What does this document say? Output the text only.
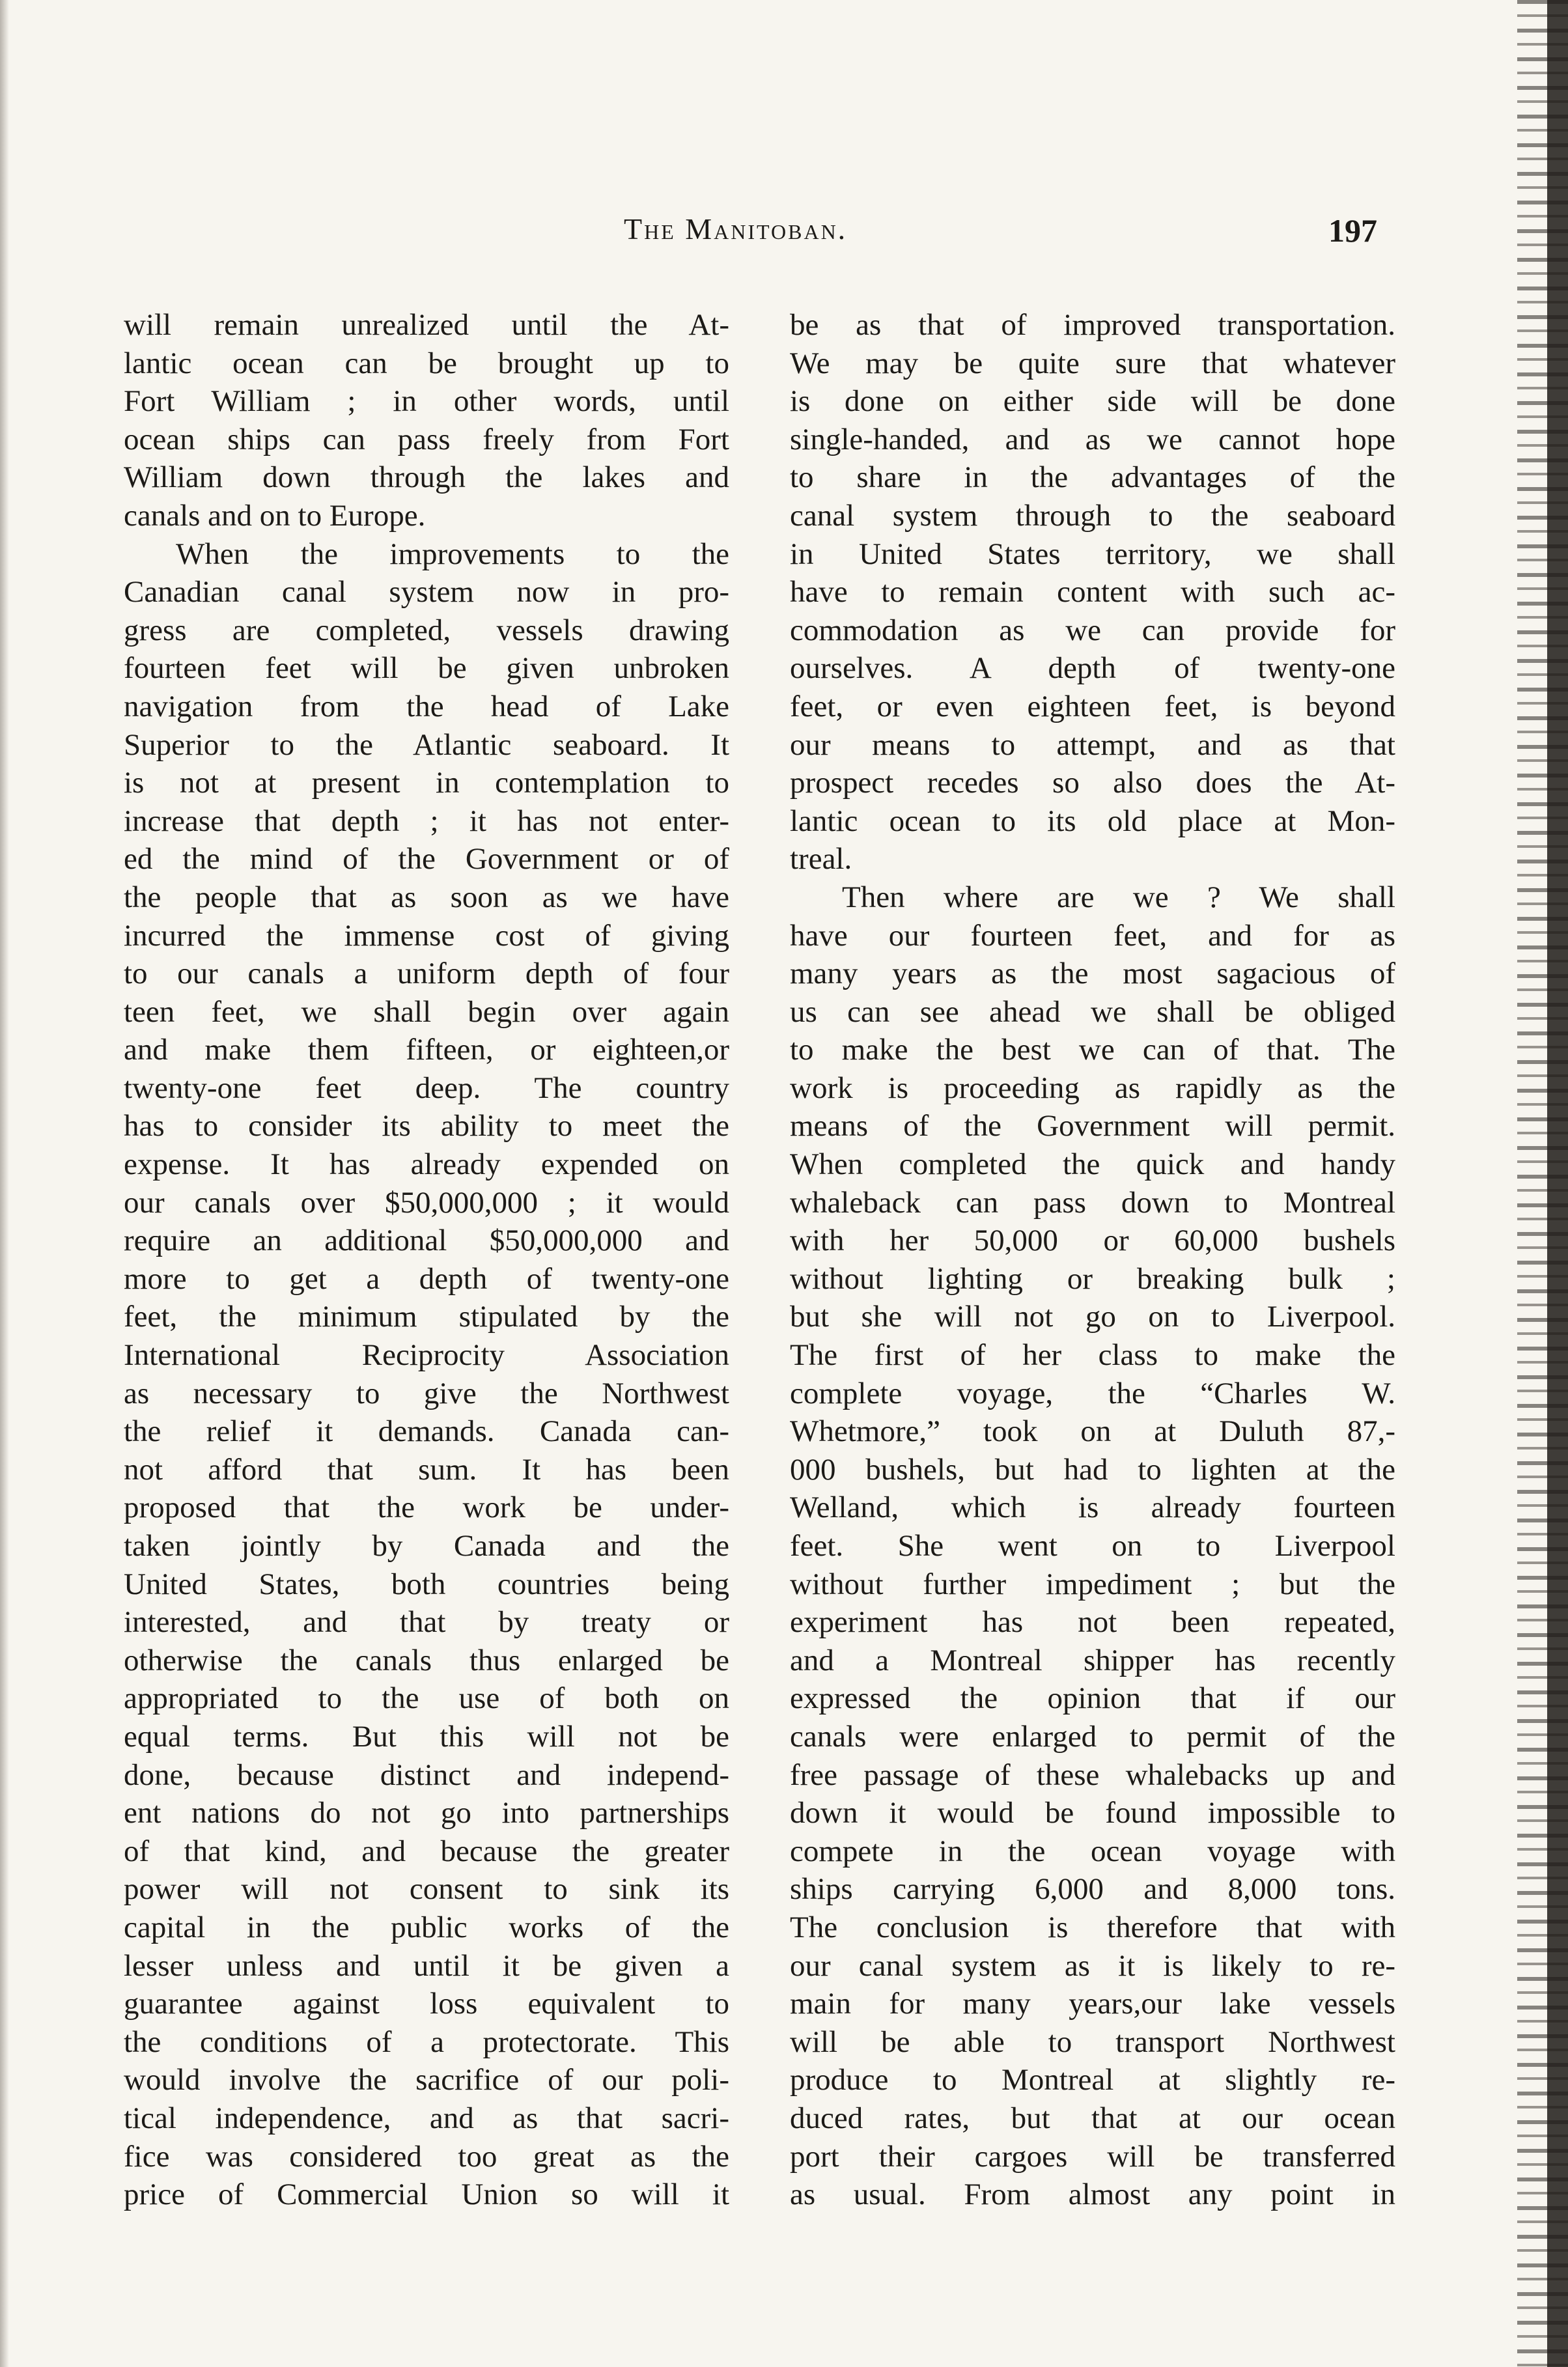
The Manitoban.	197
will remain unrealized until the At-
lantic ocean can be brought up to
Fort William ; in other words, until
ocean ships can pass freely from Fort
William down through the lakes and
canals and on to Europe.
When the improvements to the
Canadian canal system now in pro-
gress are completed, vessels drawing
fourteen feet will be given unbroken
navigation from the head of Lake
Superior to the Atlantic seaboard. It
is not at present in contemplation to
increase that depth ; it has not enter-
ed the mind of the Government or of
the people that as soon as we have
incurred the immense cost of giving
to our canals a uniform depth of four
teen feet, we shall begin over again
and make them fifteen, or eighteen,or
twenty-one feet deep. The country
has to consider its ability to meet the
expense. It has already expended on
our canals over $50,000,000 ; it would
require an additional $50,000,000 and
more to get a depth of twenty-one
feet, the minimum stipulated by the
International Reciprocity Association
as necessary to give the Northwest
the relief it demands. Canada can-
not afford that sum. It has been
proposed that the work be under-
taken jointly by Canada and the
United States, both countries being
interested, and that by treaty or
otherwise the canals thus enlarged be
appropriated to the use of both on
equal terms. But this will not be
done, because distinct and independ-
ent nations do not go into partnerships
of that kind, and because the greater
power will not consent to sink its
capital in the public works of the
lesser unless and until it be given a
guarantee against loss equivalent to
the conditions of a protectorate. This
would involve the sacrifice of our poli-
tical independence, and as that sacri-
fice was considered too great as the
price of Commercial Union so will it
be as that of improved transportation.
We may be quite sure that whatever
is done on either side will be done
single-handed, and as we cannot hope
to share in the advantages of the
canal system through to the seaboard
in United States territory, we shall
have to remain content with such ac-
commodation as we can provide for
ourselves. A depth of twenty-one
feet, or even eighteen feet, is beyond
our means to attempt, and as that
prospect recedes so also does the At-
lantic ocean to its old place at Mon-
treal.
Then where are we ? We shall
have our fourteen feet, and for as
many years as the most sagacious of
us can see ahead we shall be obliged
to make the best we can of that. The
work is proceeding as rapidly as the
means of the Government will permit.
When completed the quick and handy
whaleback can pass down to Montreal
with her 50,000 or 60,000 bushels
without lighting or breaking bulk ;
but she will not go on to Liverpool.
The first of her class to make the
complete voyage, the “Charles W.
Whetmore,” took on at Duluth 87,-
000 bushels, but had to lighten at the
Welland, which is already fourteen
feet. She went on to Liverpool
without further impediment ; but the
experiment has not been repeated,
and a Montreal shipper has recently
expressed the opinion that if our
canals were enlarged to permit of the
free passage of these whalebacks up and
down it would be found impossible to
compete in the ocean voyage with
ships carrying 6,000 and 8,000 tons.
The conclusion is therefore that with
our canal system as it is likely to re-
main for many years,our lake vessels
will be able to transport Northwest
produce to Montreal at slightly re-
duced rates, but that at our ocean
port their cargoes will be transferred
as usual. From almost any point in
